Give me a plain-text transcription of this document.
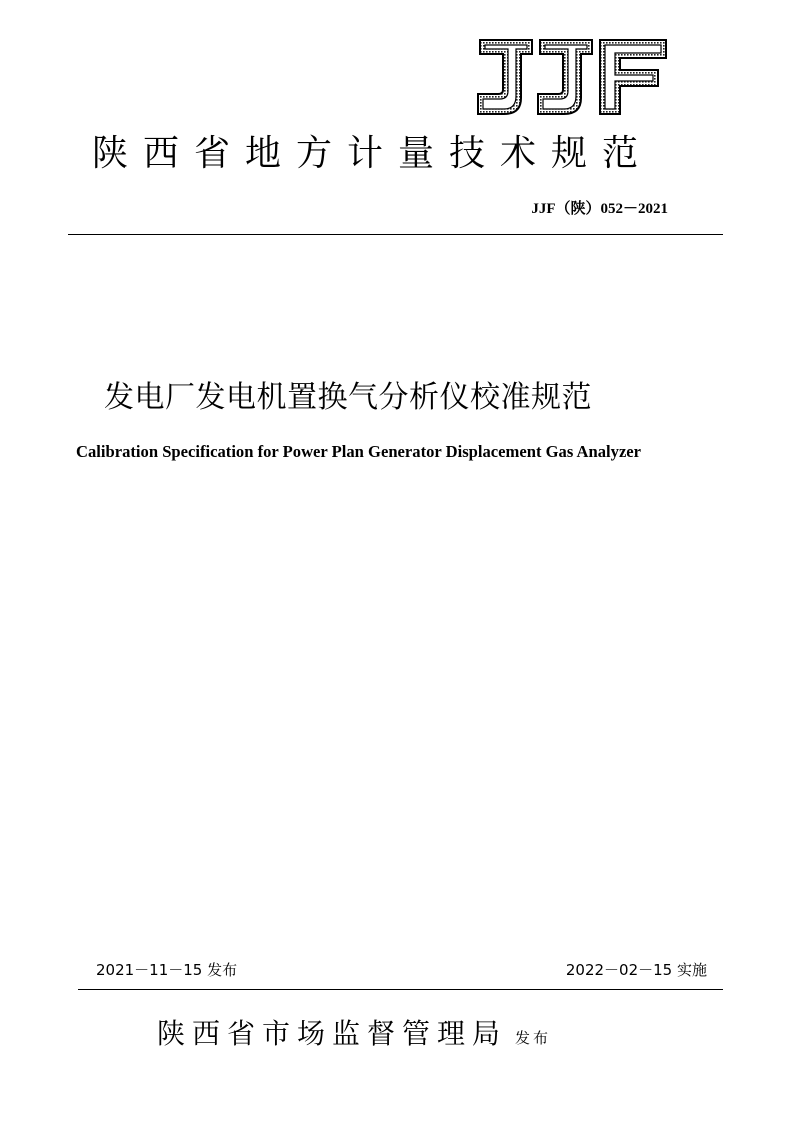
JJF
陕西省地方计量技术规范
JJF（陕）052－2021
发电厂发电机置换气分析仪校准规范
Calibration Specification for Power Plan Generator Displacement Gas Analyzer
2021－11－15 发布	2022－02－15 实施
陕西省市场监督管理局 发布
